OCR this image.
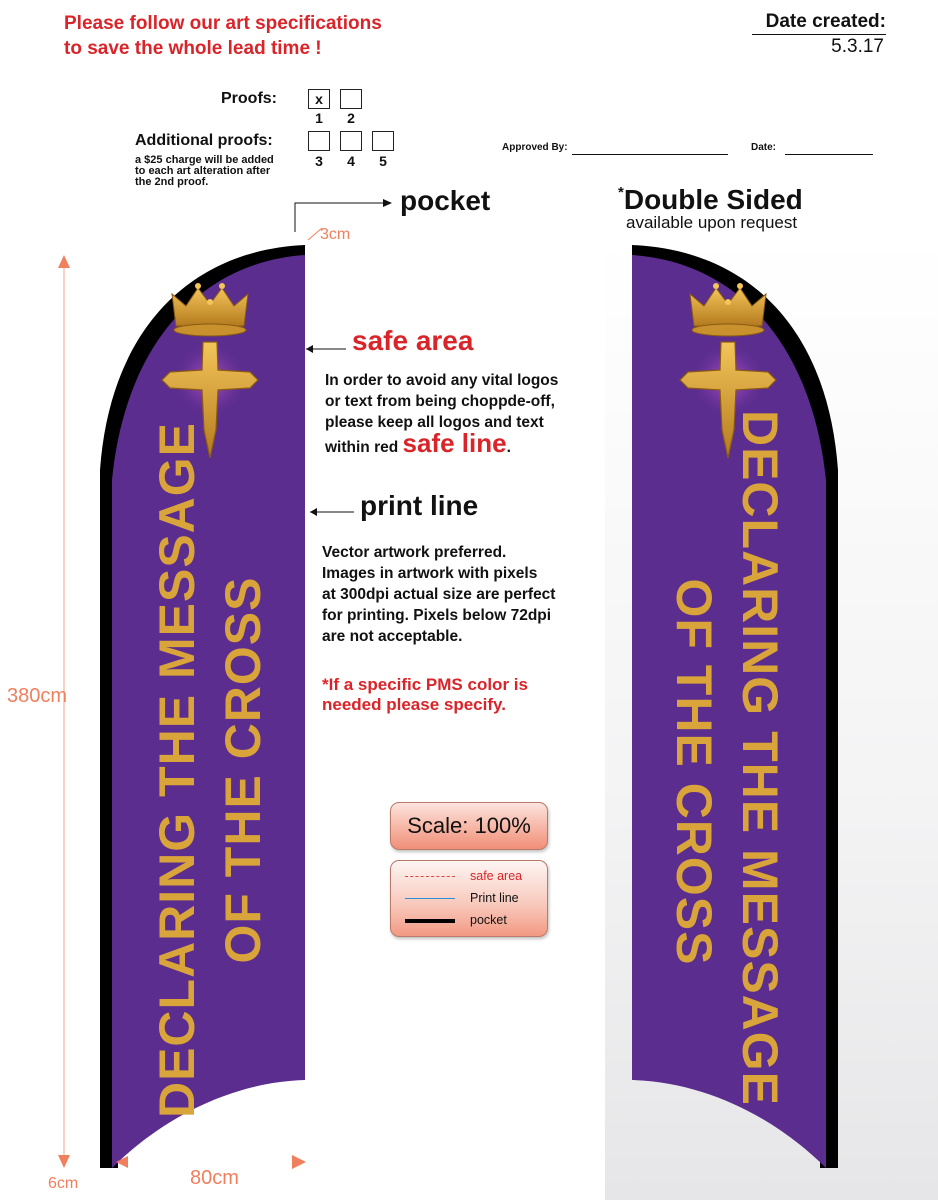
Please follow our art specifications
to save the whole lead time !
Date created:
5.3.17
Proofs:	x
1	2
Additional proofs:
a $25 charge will be added
to each art alteration after
the 2nd proof.
3	4	5
Approved By:	Date:
*Double Sided
available upon request
DECLARING THE MESSAGE OF THE CROSS	DECLARING THE MESSAGE
OF THE CROSS
pocket
3cm
safe area
In order to avoid any vital logos
or text from being choppde-off,
please keep all logos and text
within red safe line.
print line
Vector artwork preferred.
Images in artwork with pixels
at 300dpi actual size are perfect
for printing. Pixels below 72dpi
are not acceptable.
*If a specific PMS color is
needed please specify.
Scale: 100%
safe area
Print line
pocket
380cm
80cm
6cm
